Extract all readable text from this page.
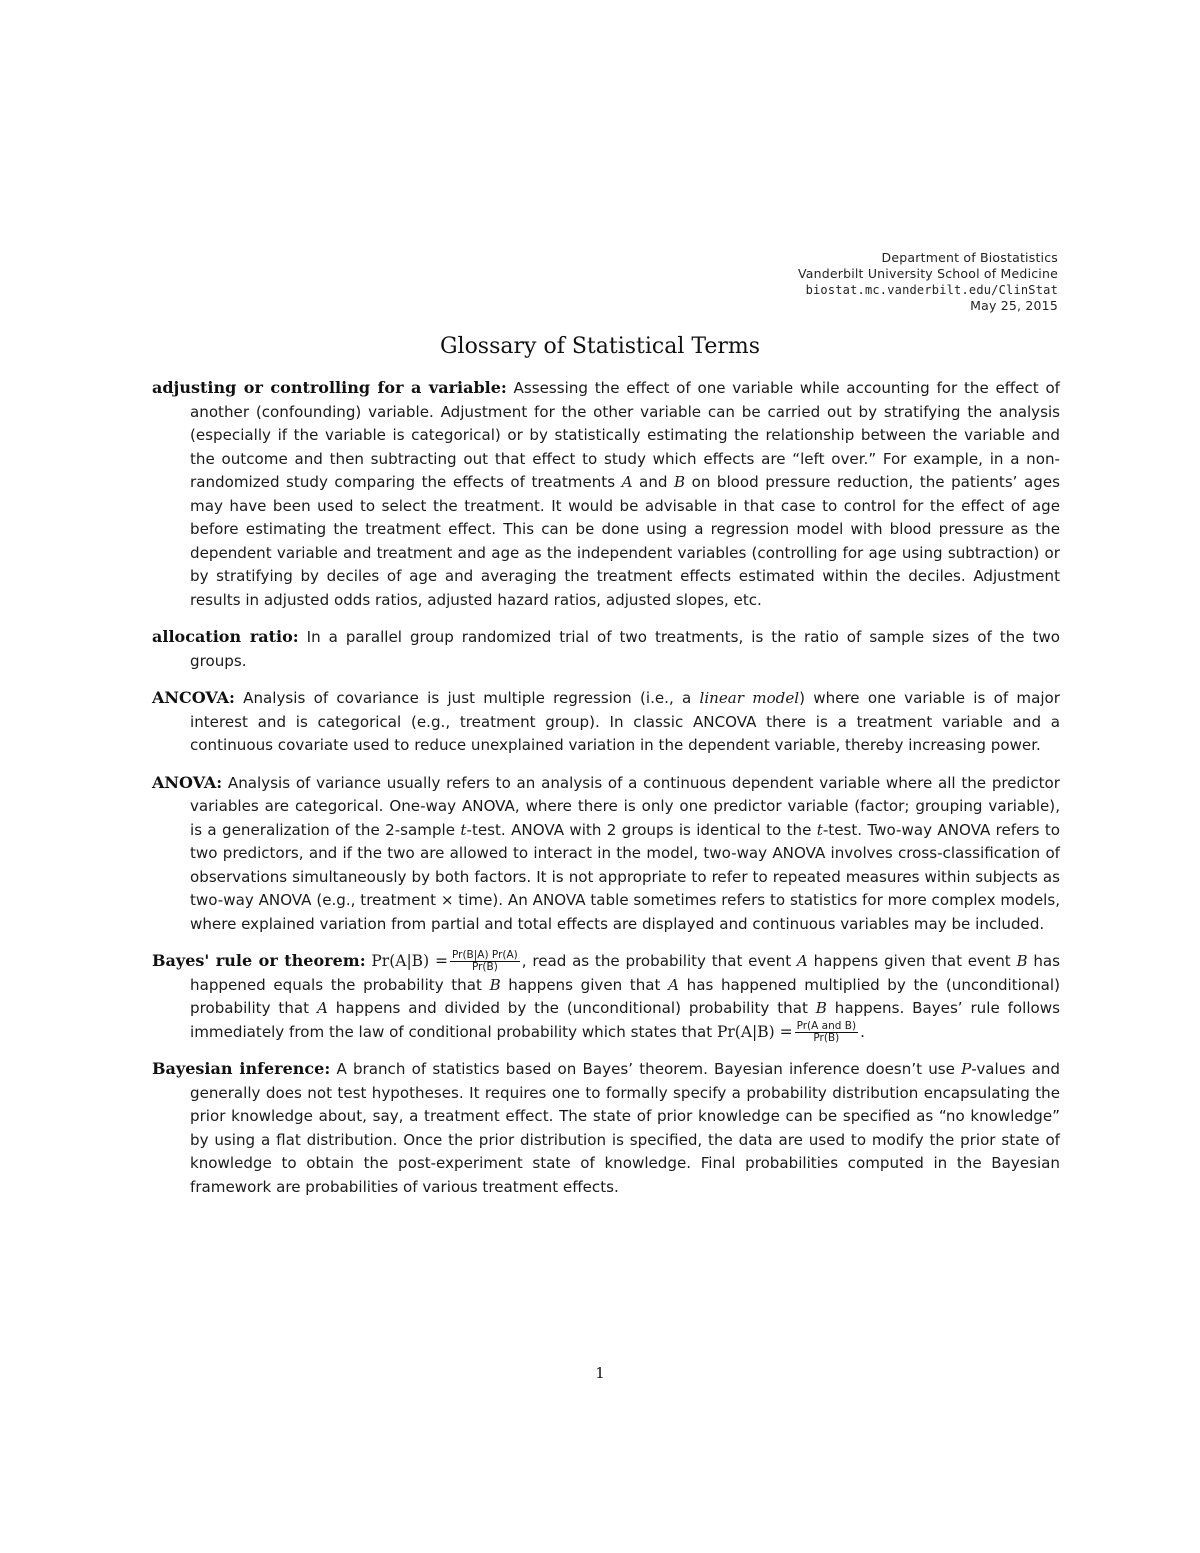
Department of Biostatistics
Vanderbilt University School of Medicine
biostat.mc.vanderbilt.edu/ClinStat
May 25, 2015
Glossary of Statistical Terms

adjusting or controlling for a variable: Assessing the effect of one variable while accounting for the effect of another (confounding) variable. Adjustment for the other variable can be carried out by stratifying the analysis (especially if the variable is categorical) or by statistically estimating the relationship between the variable and the outcome and then subtracting out that effect to study which effects are “left over.” For example, in a non-randomized study comparing the effects of treatments A and B on blood pressure reduction, the patients’ ages may have been used to select the treatment. It would be advisable in that case to control for the effect of age before estimating the treatment effect. This can be done using a regression model with blood pressure as the dependent variable and treatment and age as the independent variables (controlling for age using subtraction) or by stratifying by deciles of age and averaging the treatment effects estimated within the deciles. Adjustment results in adjusted odds ratios, adjusted hazard ratios, adjusted slopes, etc.

allocation ratio: In a parallel group randomized trial of two treatments, is the ratio of sample sizes of the two groups.

ANCOVA: Analysis of covariance is just multiple regression (i.e., a linear model) where one variable is of major interest and is categorical (e.g., treatment group). In classic ANCOVA there is a treatment variable and a continuous covariate used to reduce unexplained variation in the dependent variable, thereby increasing power.

ANOVA: Analysis of variance usually refers to an analysis of a continuous dependent variable where all the predictor variables are categorical. One-way ANOVA, where there is only one predictor variable (factor; grouping variable), is a generalization of the 2-sample t-test. ANOVA with 2 groups is identical to the t-test. Two-way ANOVA refers to two predictors, and if the two are allowed to interact in the model, two-way ANOVA involves cross-classification of observations simultaneously by both factors. It is not appropriate to refer to repeated measures within subjects as two-way ANOVA (e.g., treatment × time). An ANOVA table sometimes refers to statistics for more complex models, where explained variation from partial and total effects are displayed and continuous variables may be included.

Bayes' rule or theorem: $Pr(A|B) = \frac{Pr(B|A) Pr(A)}{Pr(B)}$ , read as the probability that event A happens given that event B has happened equals the probability that B happens given that A has happened multiplied by the (unconditional) probability that A happens and divided by the (unconditional) probability that B happens. Bayes’ rule follows immediately from the law of conditional probability which states that $Pr(A|B) = \frac{\text{Pr(A and B)}}{Pr(B)}$ .

Bayesian inference: A branch of statistics based on Bayes’ theorem. Bayesian inference doesn’t use P-values and generally does not test hypotheses. It requires one to formally specify a probability distribution encapsulating the prior knowledge about, say, a treatment effect. The state of prior knowledge can be specified as “no knowledge” by using a flat distribution. Once the prior distribution is specified, the data are used to modify the prior state of knowledge to obtain the post-experiment state of knowledge. Final probabilities computed in the Bayesian framework are probabilities of various treatment effects.

1
